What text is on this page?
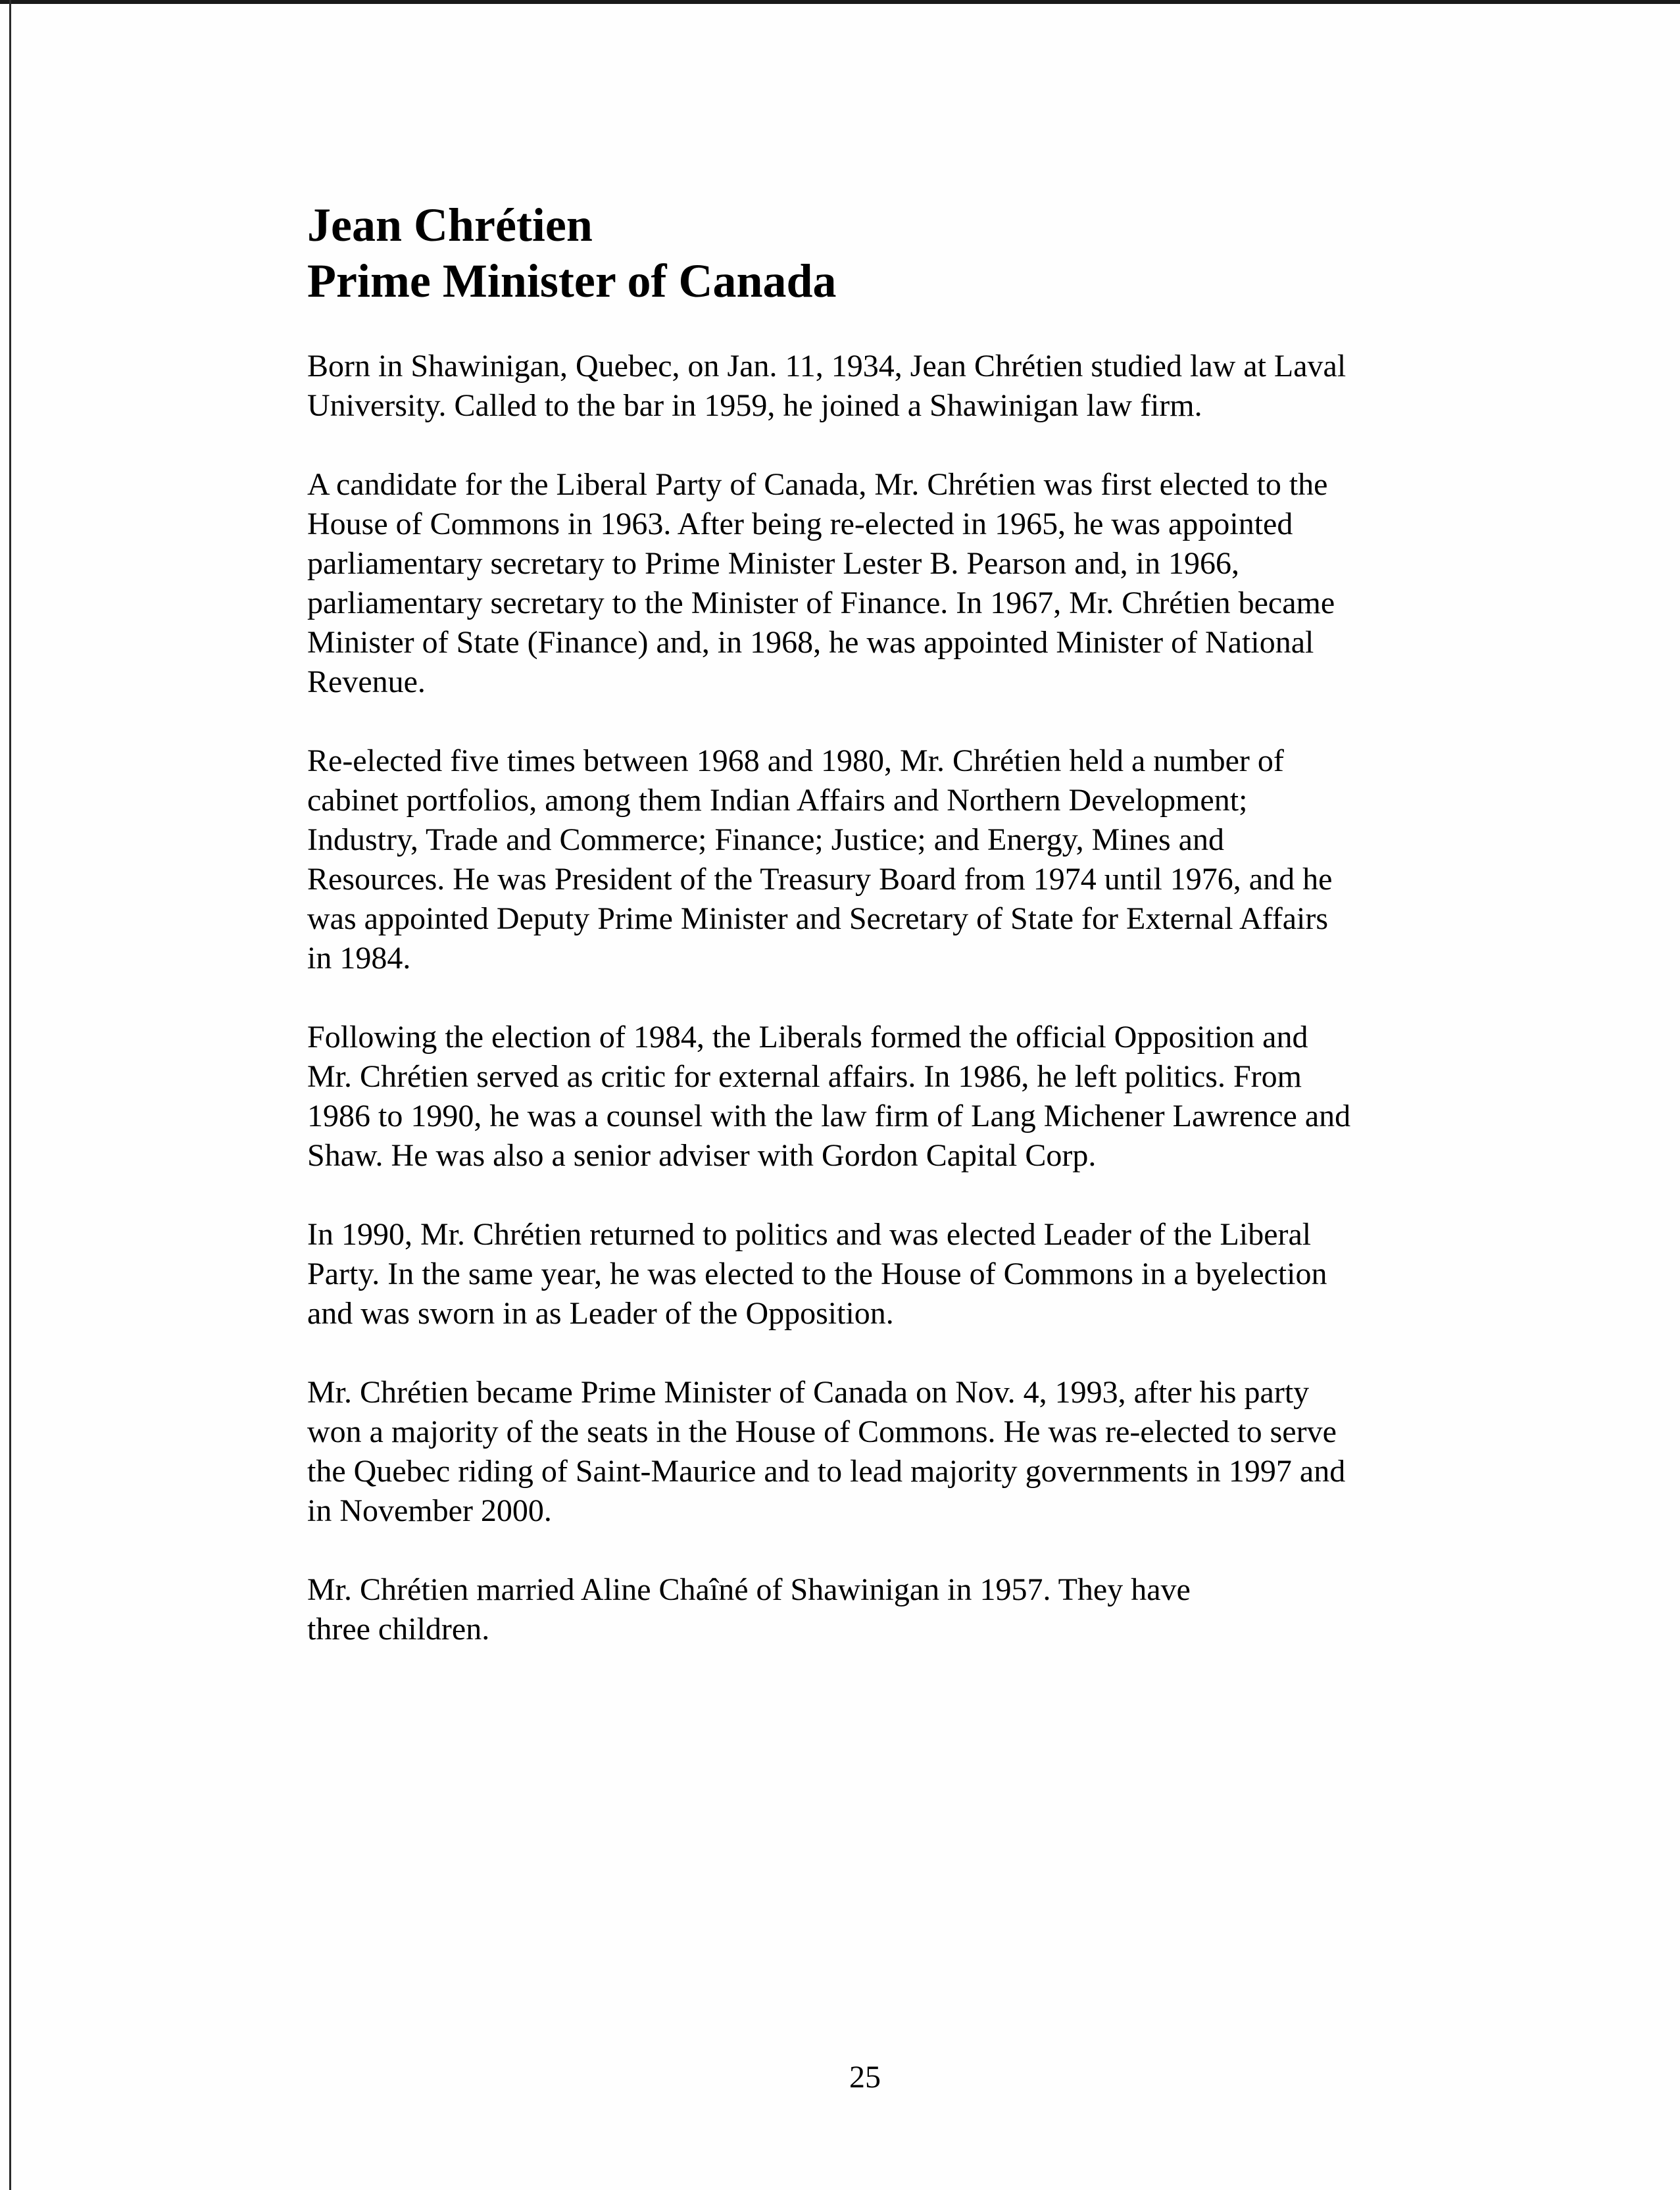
Jean Chrétien
Prime Minister of Canada
Born in Shawinigan, Quebec, on Jan. 11, 1934, Jean Chrétien studied law at Laval
University. Called to the bar in 1959, he joined a Shawinigan law firm.
A candidate for the Liberal Party of Canada, Mr. Chrétien was first elected to the
House of Commons in 1963. After being re-elected in 1965, he was appointed
parliamentary secretary to Prime Minister Lester B. Pearson and, in 1966,
parliamentary secretary to the Minister of Finance. In 1967, Mr. Chrétien became
Minister of State (Finance) and, in 1968, he was appointed Minister of National
Revenue.
Re-elected five times between 1968 and 1980, Mr. Chrétien held a number of
cabinet portfolios, among them Indian Affairs and Northern Development;
Industry, Trade and Commerce; Finance; Justice; and Energy, Mines and
Resources. He was President of the Treasury Board from 1974 until 1976, and he
was appointed Deputy Prime Minister and Secretary of State for External Affairs
in 1984.
Following the election of 1984, the Liberals formed the official Opposition and
Mr. Chrétien served as critic for external affairs. In 1986, he left politics. From
1986 to 1990, he was a counsel with the law firm of Lang Michener Lawrence and
Shaw. He was also a senior adviser with Gordon Capital Corp.
In 1990, Mr. Chrétien returned to politics and was elected Leader of the Liberal
Party. In the same year, he was elected to the House of Commons in a byelection
and was sworn in as Leader of the Opposition.
Mr. Chrétien became Prime Minister of Canada on Nov. 4, 1993, after his party
won a majority of the seats in the House of Commons. He was re-elected to serve
the Quebec riding of Saint-Maurice and to lead majority governments in 1997 and
in November 2000.
Mr. Chrétien married Aline Chaîné of Shawinigan in 1957. They have
three children.
25
